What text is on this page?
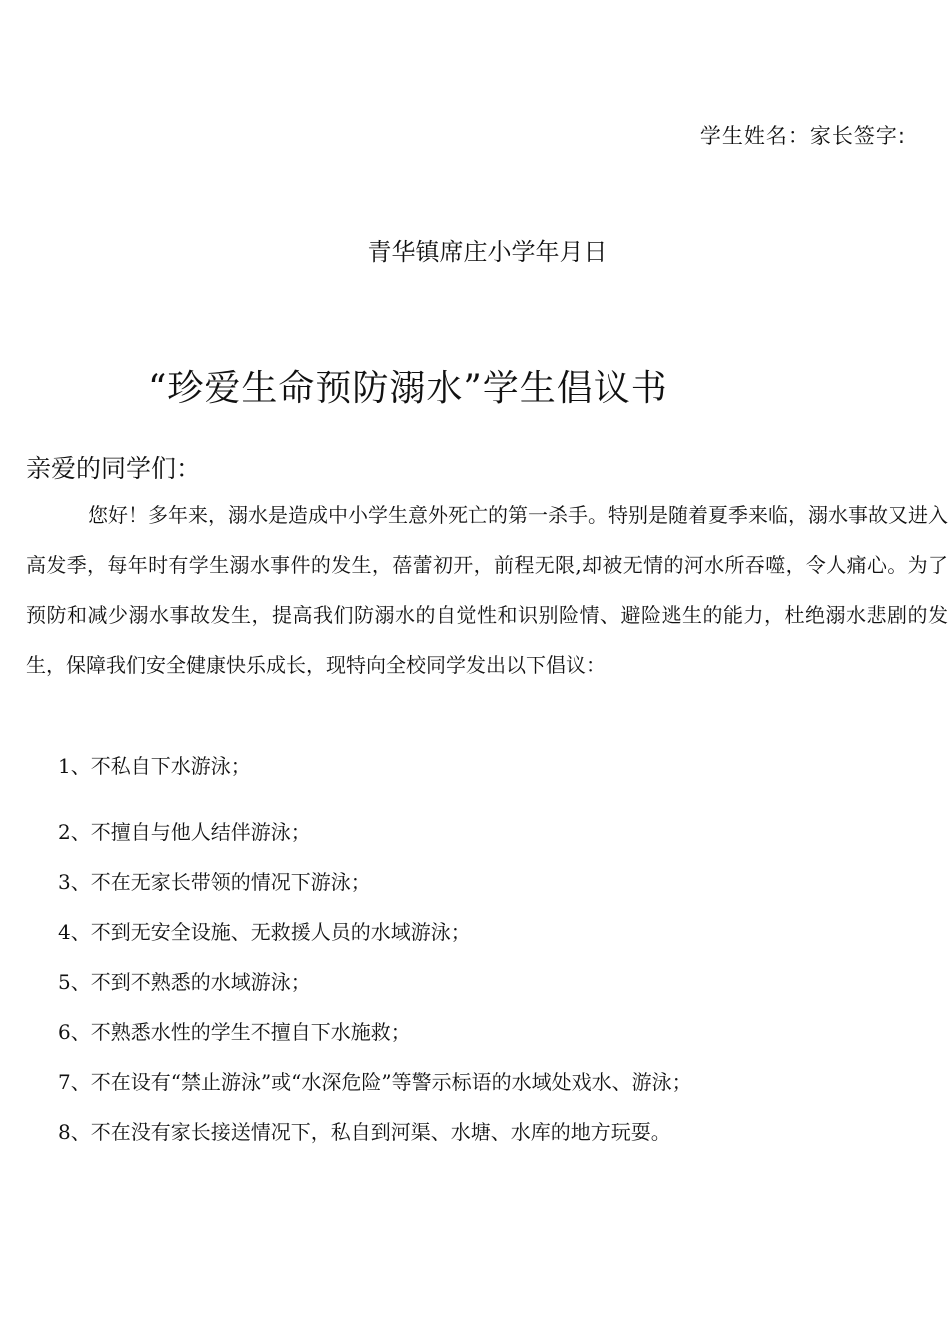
学生姓名：家长签字:
青华镇席庄小学年月日
“珍爱生命预防溺水”学生倡议书
亲爱的同学们：

您好！多年来，溺水是造成中小学生意外死亡的第一杀手。特别是随着夏季来临，溺水事故又进入高发季，每年时有学生溺水事件的发生，蓓蕾初开，前程无限,却被无情的河水所吞噬，令人痛心。为了预防和减少溺水事故发生，提高我们防溺水的自觉性和识别险情、避险逃生的能力，杜绝溺水悲剧的发生，保障我们安全健康快乐成长，现特向全校同学发出以下倡议：

1、不私自下水游泳；
2、不擅自与他人结伴游泳；
3、不在无家长带领的情况下游泳；
4、不到无安全设施、无救援人员的水域游泳；
5、不到不熟悉的水域游泳；
6、不熟悉水性的学生不擅自下水施救；
7、不在设有“禁止游泳”或“水深危险”等警示标语的水域处戏水、游泳；
8、不在没有家长接送情况下，私自到河渠、水塘、水库的地方玩耍。
